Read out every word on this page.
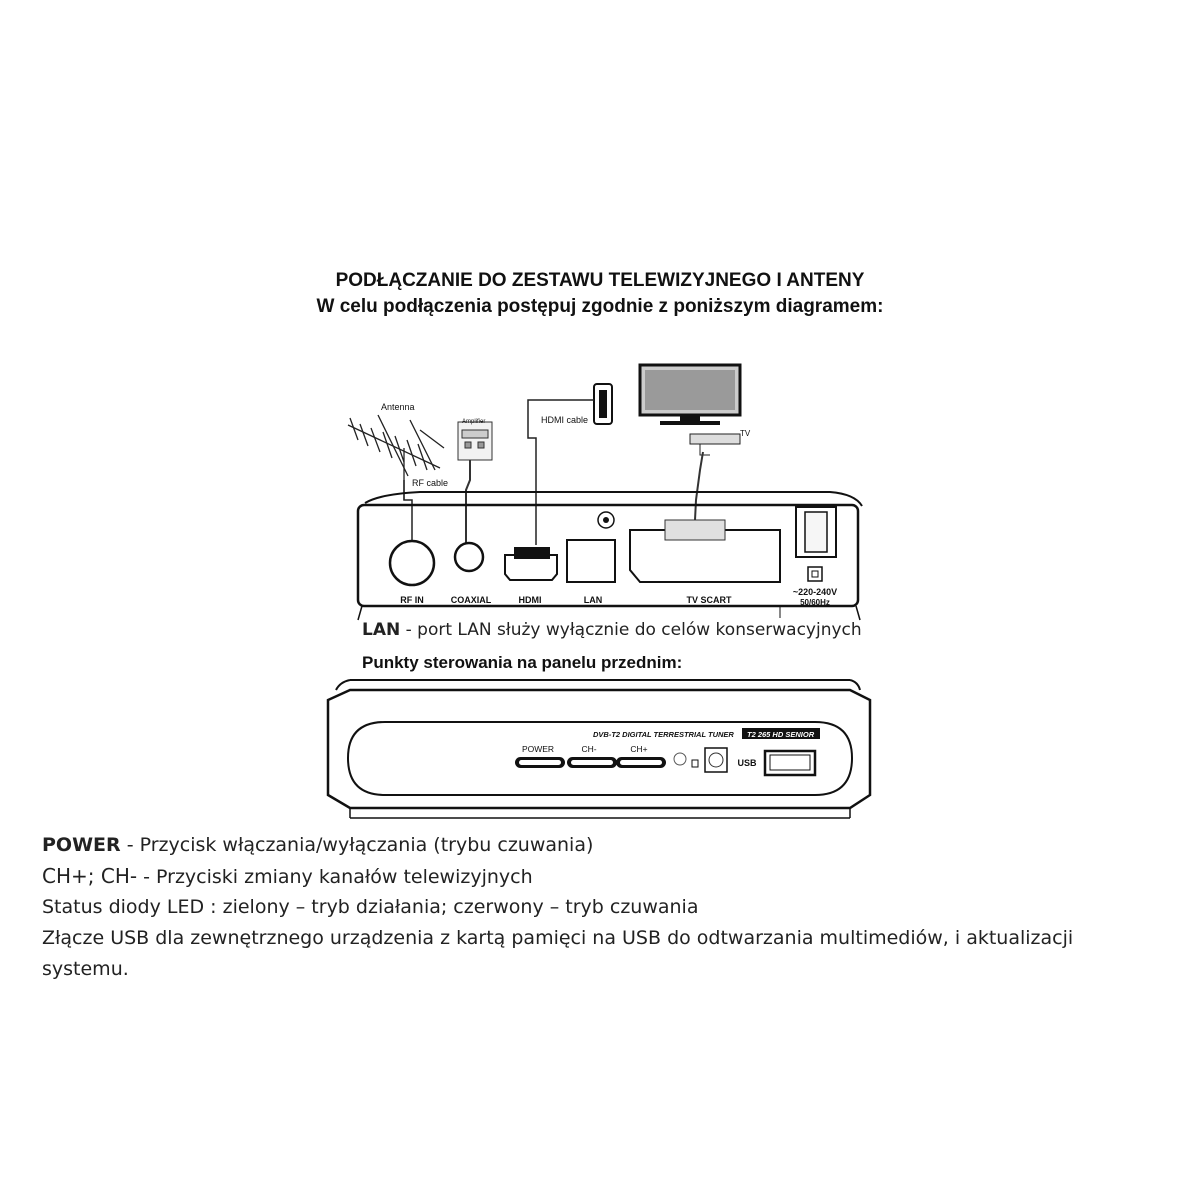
PODŁĄCZANIE DO ZESTAWU TELEWIZYJNEGO I ANTENY
W celu podłączenia postępuj zgodnie z poniższym diagramem:
Antenna
RF cable
Amplifier	HDMI cable
TV
RF IN	COAXIAL	HDMI	LAN	TV SCART
~220-240V
50/60Hz
DVB-T2 DIGITAL TERRESTRIAL TUNER T2 265 HD SENIOR
POWER	CH-	CH+
USB
LAN - port LAN służy wyłącznie do celów konserwacyjnych
Punkty sterowania na panelu przednim:
POWER - Przycisk włączania/wyłączania (trybu czuwania)
CH+; CH- - Przyciski zmiany kanałów telewizyjnych
Status diody LED : zielony – tryb działania; czerwony – tryb czuwania
Złącze USB dla zewnętrznego urządzenia z kartą pamięci na USB do odtwarzania multimediów, i aktualizacji
systemu.
